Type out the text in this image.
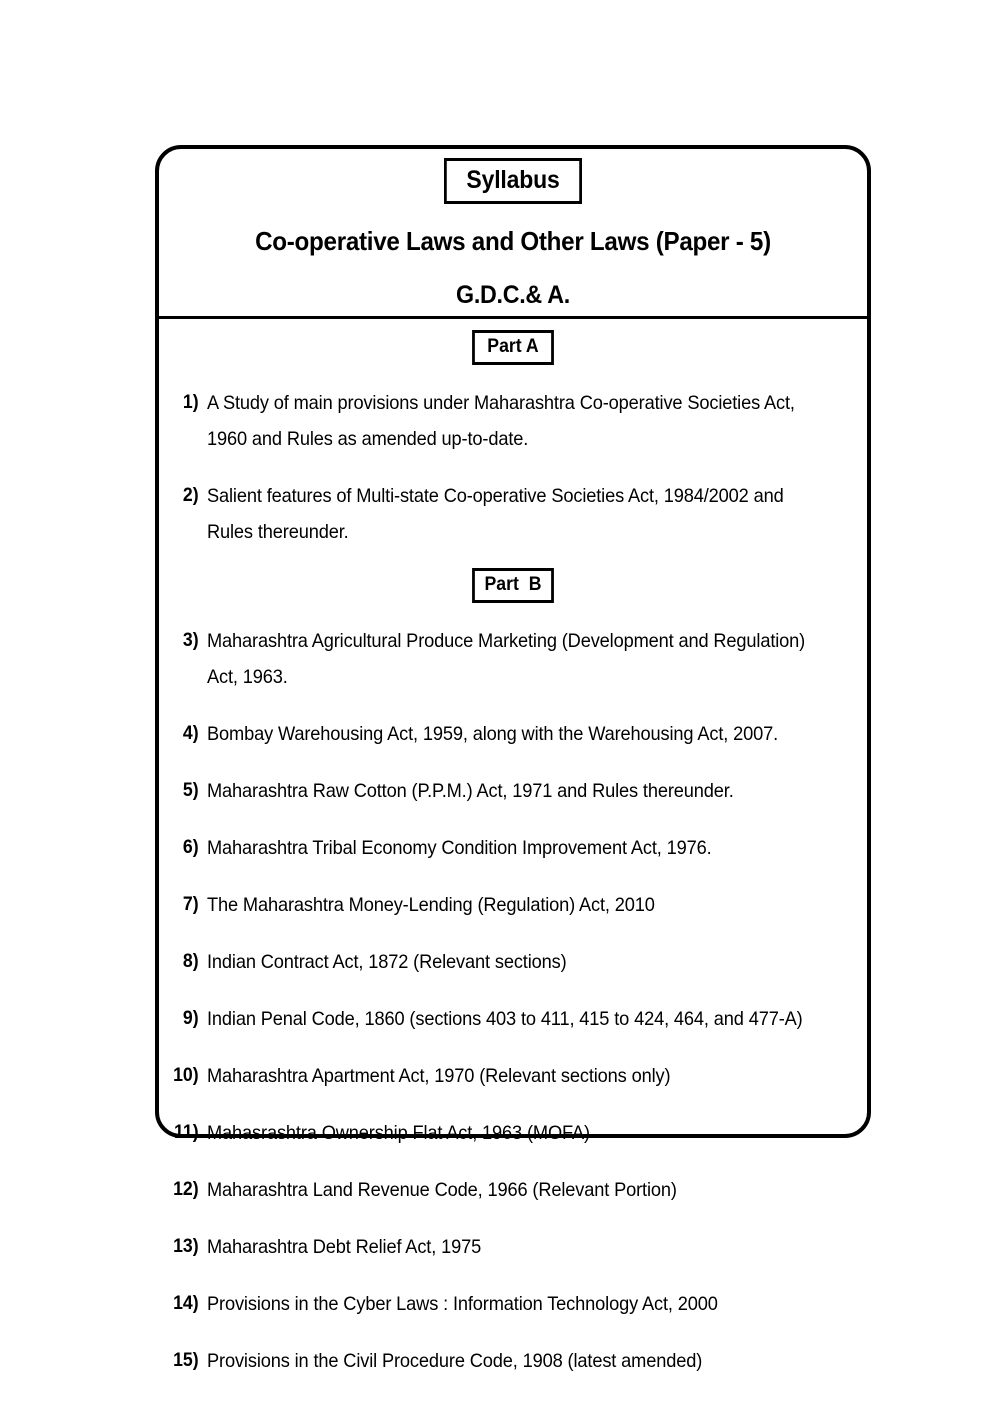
Syllabus
Co-operative Laws and Other Laws (Paper - 5)
G.D.C.& A.
Part A
1) A Study of main provisions under Maharashtra Co-operative Societies Act, 1960 and Rules as amended up-to-date.
2) Salient features of Multi-state Co-operative Societies Act, 1984/2002 and Rules thereunder.
Part  B
3) Maharashtra Agricultural Produce Marketing (Development and Regulation) Act, 1963.
4) Bombay Warehousing Act, 1959, along with the Warehousing Act, 2007.
5) Maharashtra Raw Cotton (P.P.M.) Act, 1971 and Rules thereunder.
6) Maharashtra Tribal Economy Condition Improvement Act, 1976.
7) The Maharashtra Money-Lending (Regulation) Act, 2010
8) Indian Contract Act, 1872 (Relevant sections)
9) Indian Penal Code, 1860 (sections 403 to 411, 415 to 424, 464, and 477-A)
10) Maharashtra Apartment Act, 1970 (Relevant sections only)
11) Mahasrashtra Ownership Flat Act, 1963 (MOFA)
12) Maharashtra Land Revenue Code, 1966 (Relevant Portion)
13) Maharashtra Debt Relief Act, 1975
14) Provisions in the Cyber Laws : Information Technology Act, 2000
15) Provisions in the Civil Procedure Code, 1908 (latest amended)
